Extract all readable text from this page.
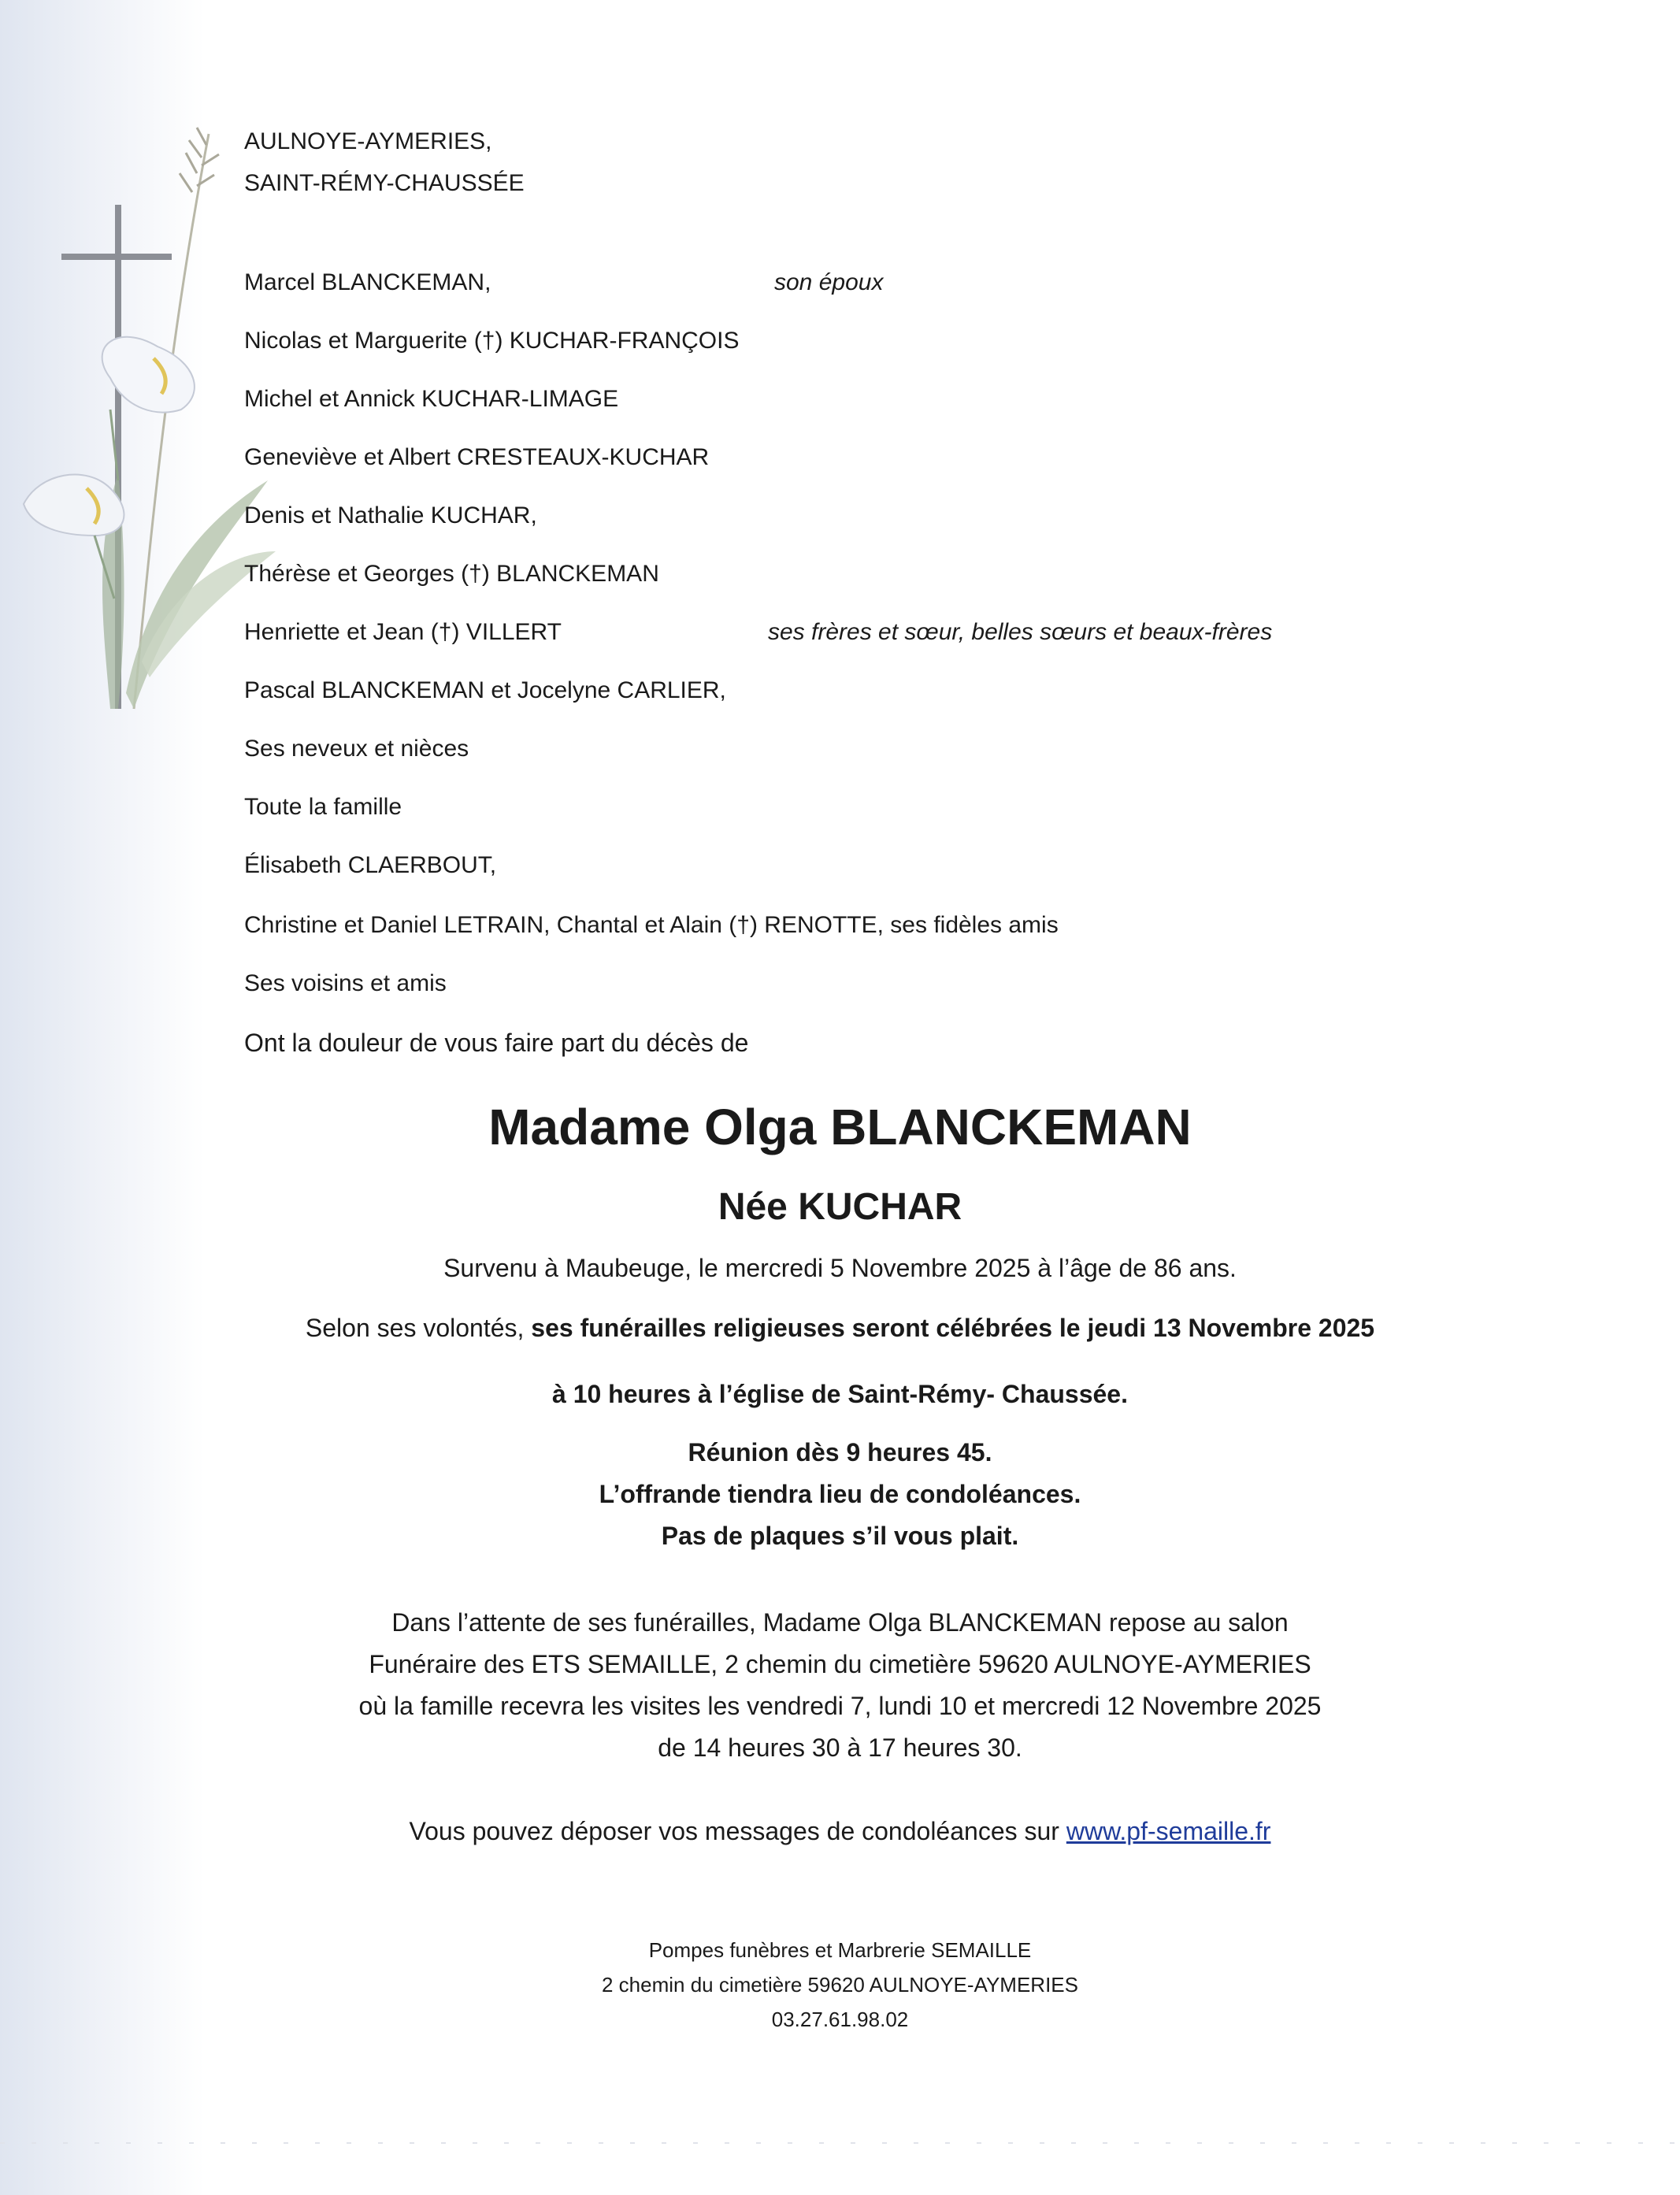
AULNOYE-AYMERIES,
SAINT-RÉMY-CHAUSSÉE
Marcel BLANCKEMAN,	son époux
Nicolas et Marguerite (†) KUCHAR-FRANÇOIS
Michel et Annick KUCHAR-LIMAGE
Geneviève et Albert CRESTEAUX-KUCHAR
Denis et Nathalie KUCHAR,
Thérèse et Georges (†) BLANCKEMAN
Henriette et Jean (†) VILLERT	ses frères et sœur, belles sœurs et beaux-frères
Pascal BLANCKEMAN et Jocelyne CARLIER,
Ses neveux et nièces
Toute la famille
Élisabeth CLAERBOUT,
Christine et Daniel LETRAIN, Chantal et Alain (†) RENOTTE, ses fidèles amis
Ses voisins et amis
Ont la douleur de vous faire part du décès de
Madame Olga BLANCKEMAN
Née KUCHAR
Survenu à Maubeuge, le mercredi 5 Novembre 2025 à l’âge de 86 ans.
Selon ses volontés, ses funérailles religieuses seront célébrées le jeudi 13 Novembre 2025
à 10 heures à l’église de Saint-Rémy- Chaussée.
Réunion dès 9 heures 45.
L’offrande tiendra lieu de condoléances.
Pas de plaques s’il vous plait.
Dans l’attente de ses funérailles, Madame Olga BLANCKEMAN repose au salon
Funéraire des ETS SEMAILLE, 2 chemin du cimetière 59620 AULNOYE-AYMERIES
où la famille recevra les visites les vendredi 7, lundi 10 et mercredi 12 Novembre 2025
de 14 heures 30 à 17 heures 30.
Vous pouvez déposer vos messages de condoléances sur www.pf-semaille.fr
Pompes funèbres et Marbrerie SEMAILLE
2 chemin du cimetière 59620 AULNOYE-AYMERIES
03.27.61.98.02
